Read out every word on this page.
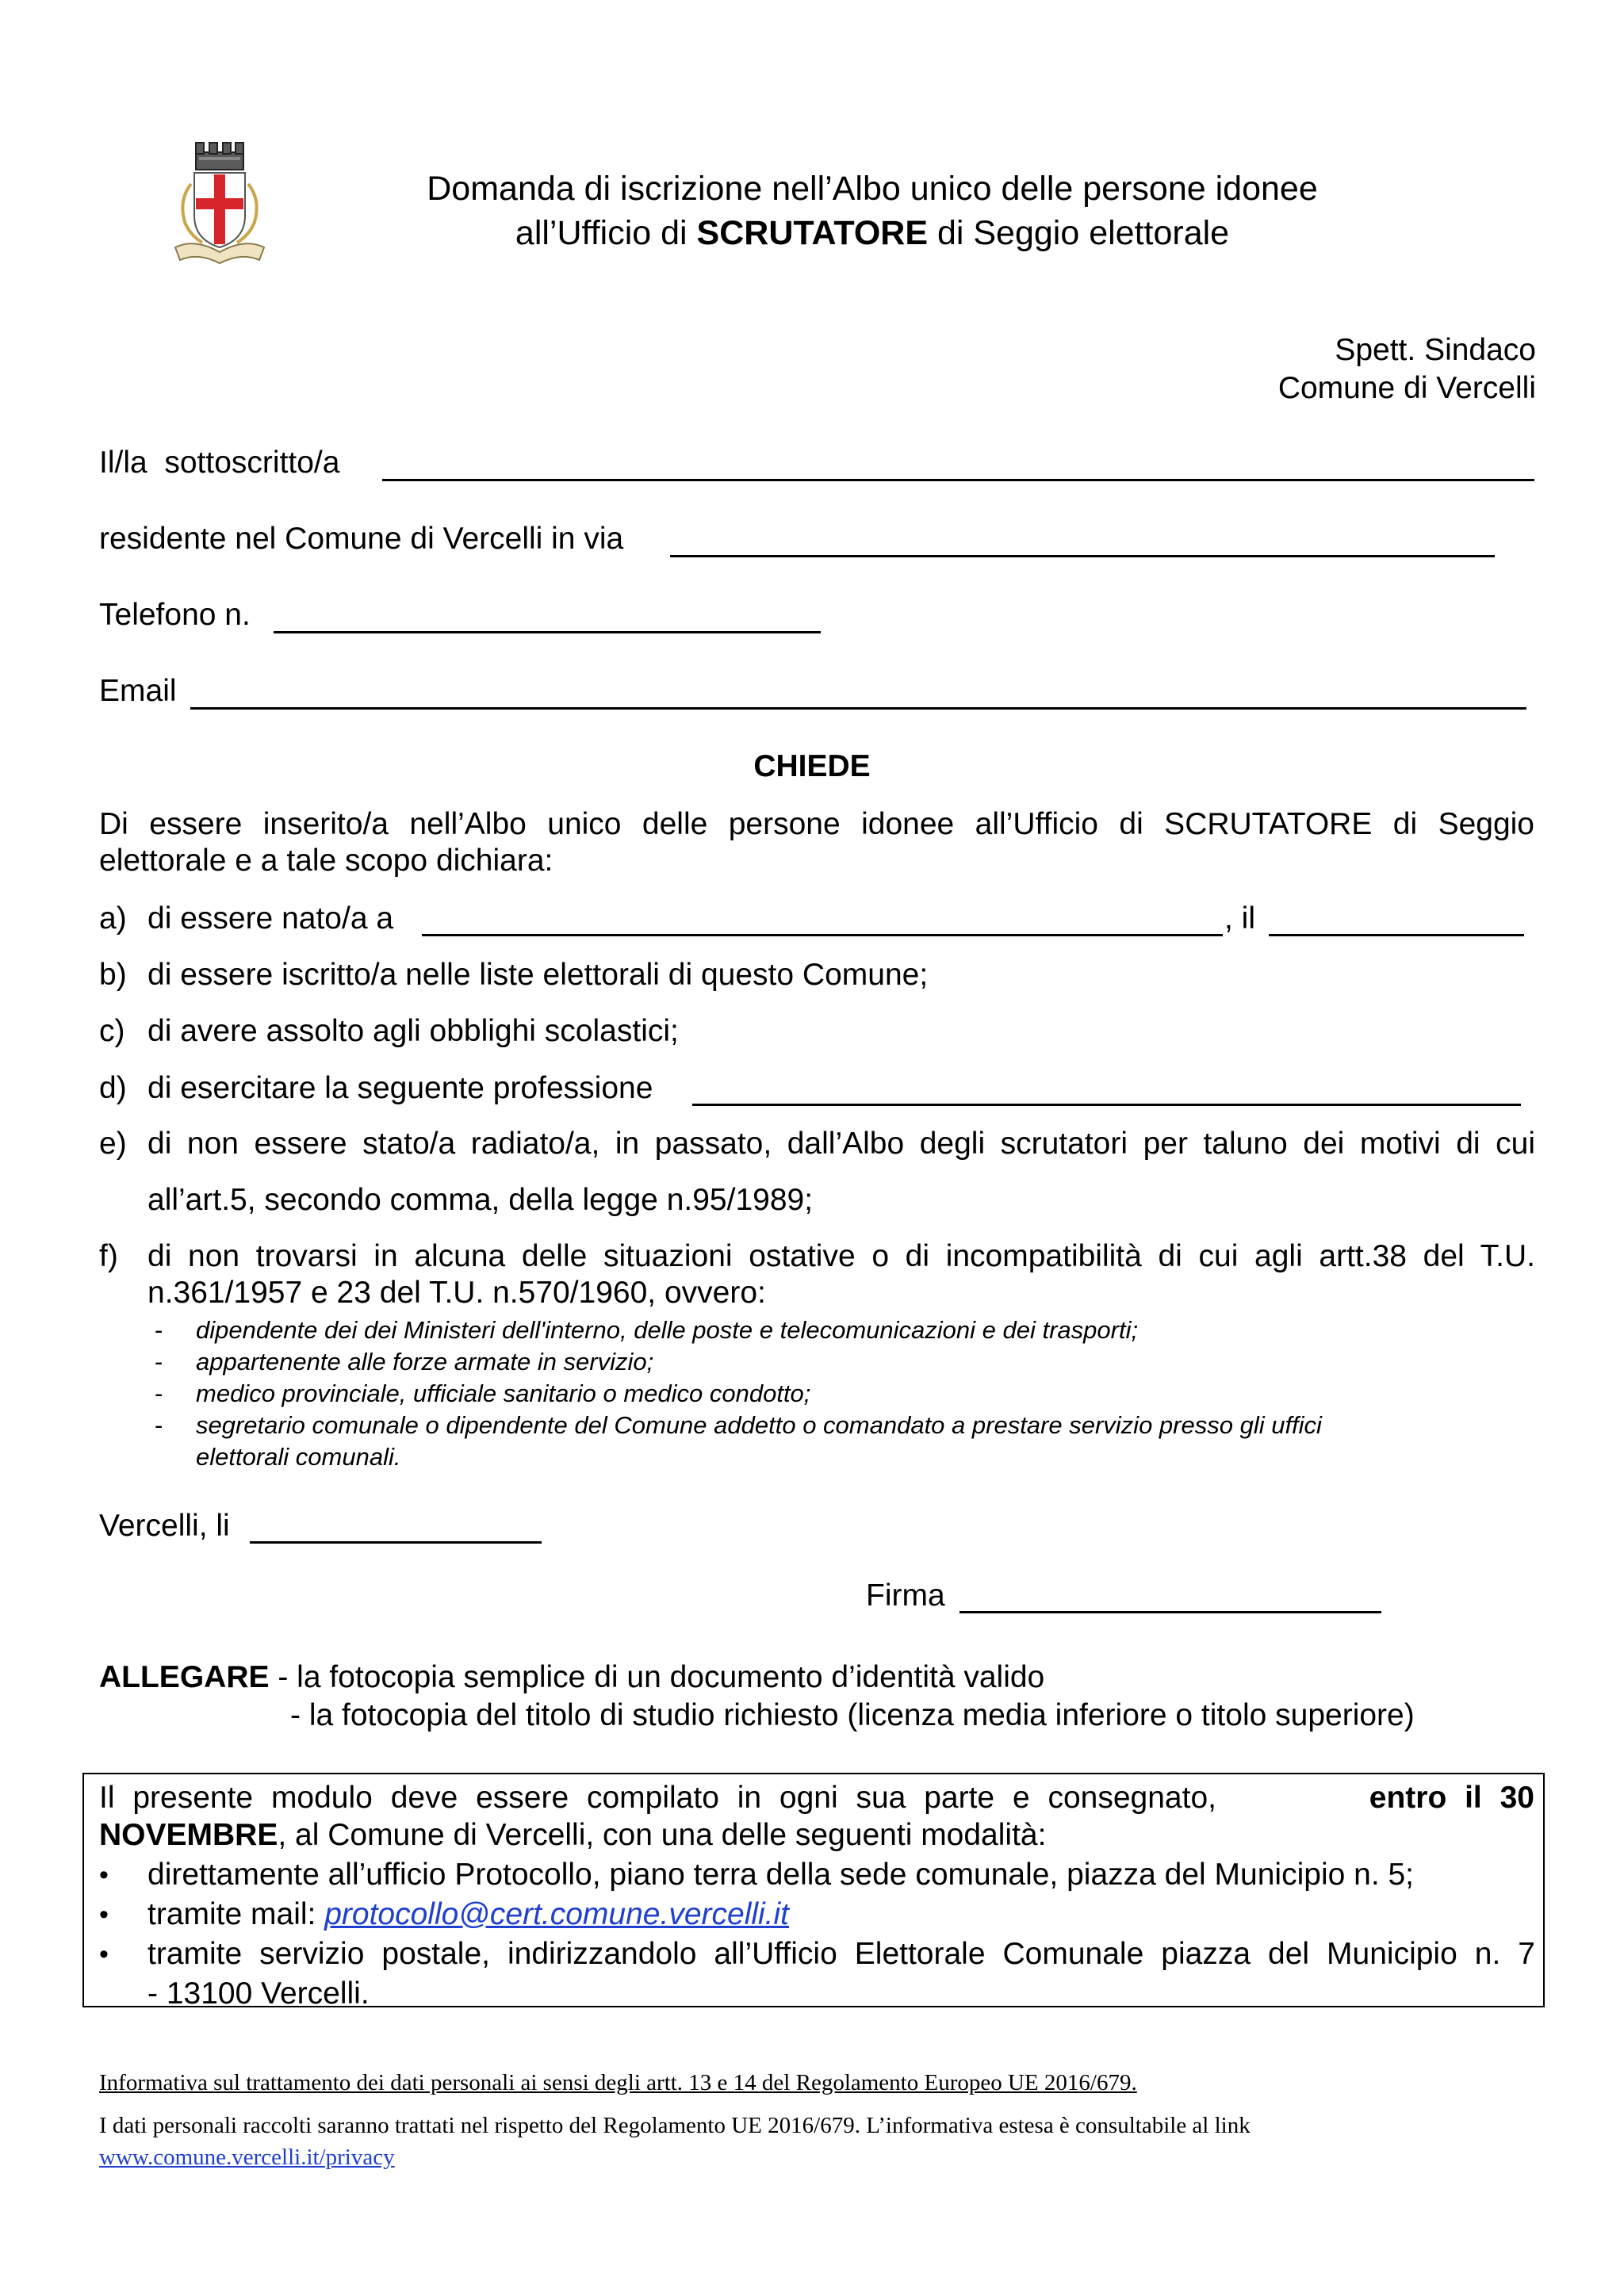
Domanda di iscrizione nell’Albo unico delle persone idonee
all’Ufficio di SCRUTATORE di Seggio elettorale
Spett. Sindaco
Comune di Vercelli
Il/la  sottoscritto/a
residente nel Comune di Vercelli in via
Telefono n.
Email
CHIEDE
Di essere inserito/a nell’Albo unico delle persone idonee all’Ufficio di SCRUTATORE di Seggio
elettorale e a tale scopo dichiara:
a) di essere nato/a a	, il
b) di essere iscritto/a nelle liste elettorali di questo Comune;
c) di avere assolto agli obblighi scolastici;
d) di esercitare la seguente professione
e) di non essere stato/a radiato/a, in passato, dall’Albo degli scrutatori per taluno dei motivi di cui
all’art.5, secondo comma, della legge n.95/1989;
f) di non trovarsi in alcuna delle situazioni ostative o di incompatibilità di cui agli artt.38 del T.U.
n.361/1957 e 23 del T.U. n.570/1960, ovvero:
- dipendente dei dei Ministeri dell'interno, delle poste e telecomunicazioni e dei trasporti;
- appartenente alle forze armate in servizio;
- medico provinciale, ufficiale sanitario o medico condotto;
- segretario comunale o dipendente del Comune addetto o comandato a prestare servizio presso gli uffici
elettorali comunali.
Vercelli, li
Firma
ALLEGARE - la fotocopia semplice di un documento d’identità valido
- la fotocopia del titolo di studio richiesto (licenza media inferiore o titolo superiore)
Il presente modulo deve essere compilato in ogni sua parte e consegnato,	entro il 30
NOVEMBRE, al Comune di Vercelli, con una delle seguenti modalità:
• direttamente all’ufficio Protocollo, piano terra della sede comunale, piazza del Municipio n. 5;
• tramite mail: protocollo@cert.comune.vercelli.it
• tramite servizio postale, indirizzandolo all’Ufficio Elettorale Comunale piazza del Municipio n. 7
- 13100 Vercelli.
Informativa sul trattamento dei dati personali ai sensi degli artt. 13 e 14 del Regolamento Europeo UE 2016/679.
I dati personali raccolti saranno trattati nel rispetto del Regolamento UE 2016/679. L’informativa estesa è consultabile al link
www.comune.vercelli.it/privacy
